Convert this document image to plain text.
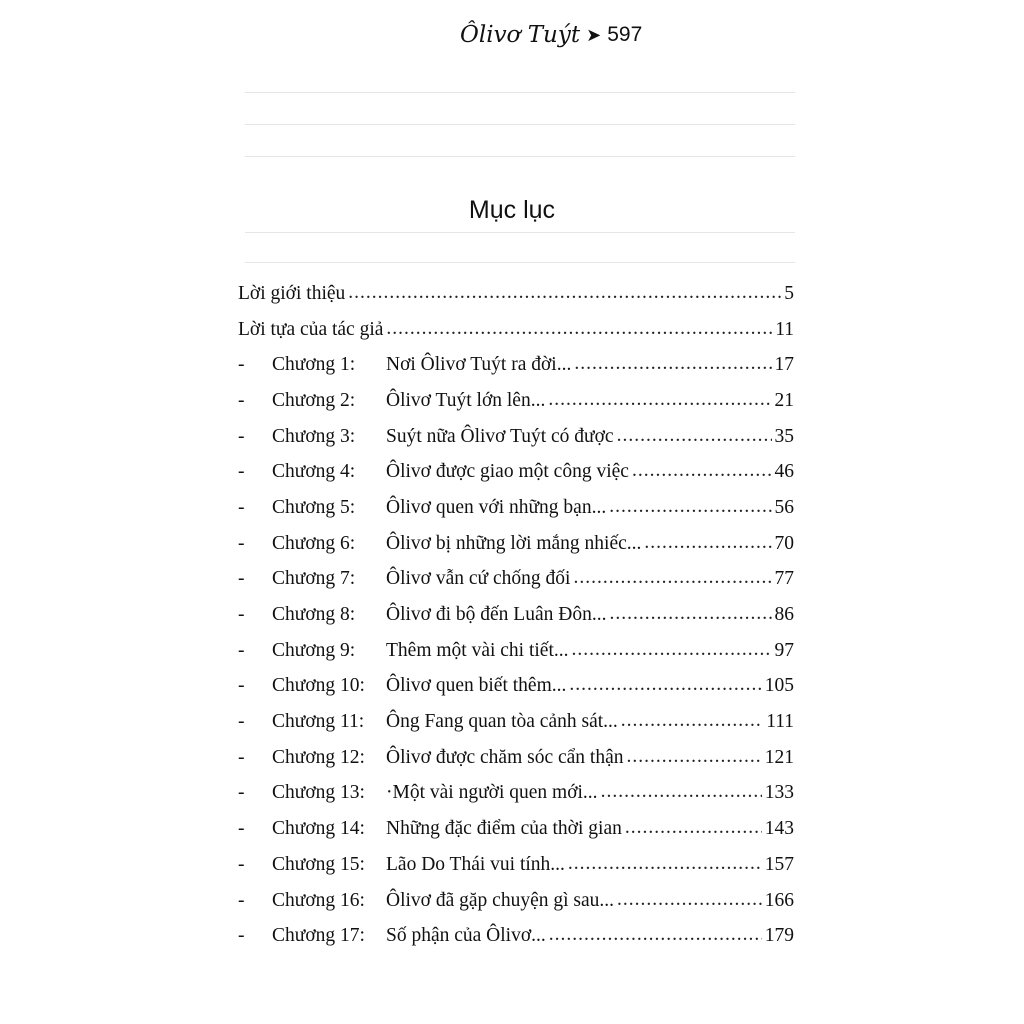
Ôlivơ Tuýt ➤ 597
Mục lục
Lời giới thiệu .....	5
Lời tựa của tác giả .....	11
-	Chương 1:	Nơi Ôlivơ Tuýt ra đời... .....	17
-	Chương 2:	Ôlivơ Tuýt lớn lên... .....	21
-	Chương 3:	Suýt nữa Ôlivơ Tuýt có được .....	35
-	Chương 4:	Ôlivơ được giao một công việc .....	46
-	Chương 5:	Ôlivơ quen với những bạn... .....	56
-	Chương 6:	Ôlivơ bị những lời mắng nhiếc... .....	70
-	Chương 7:	Ôlivơ vẫn cứ chống đối .....	77
-	Chương 8:	Ôlivơ đi bộ đến Luân Đôn... .....	86
-	Chương 9:	Thêm một vài chi tiết... .....	97
-	Chương 10:	Ôlivơ quen biết thêm... .....	105
-	Chương 11:	Ông Fang quan tòa cảnh sát... .....	111
-	Chương 12:	Ôlivơ được chăm sóc cẩn thận .....	121
-	Chương 13:	·Một vài người quen mới... .....	133
-	Chương 14:	Những đặc điểm của thời gian .....	143
-	Chương 15:	Lão Do Thái vui tính... .....	157
-	Chương 16:	Ôlivơ đã gặp chuyện gì sau... .....	166
-	Chương 17:	Số phận của Ôlivơ... .....	179
